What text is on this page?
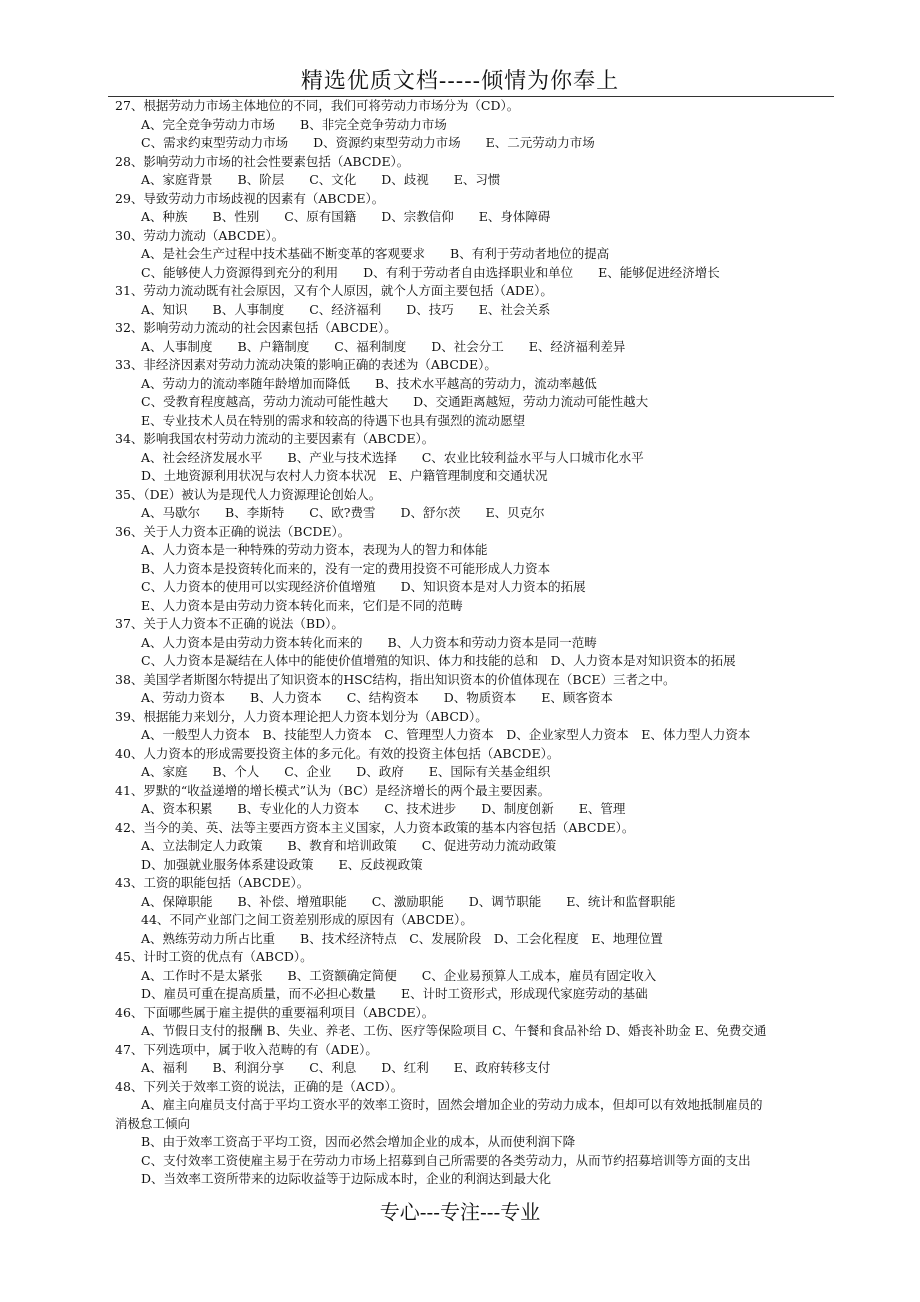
精选优质文档-----倾情为你奉上
27、根据劳动力市场主体地位的不同，我们可将劳动力市场分为（CD）。
A、完全竞争劳动力市场　　B、非完全竞争劳动力市场
C、需求约束型劳动力市场　　D、资源约束型劳动力市场　　E、二元劳动力市场
28、影响劳动力市场的社会性要素包括（ABCDE）。
A、家庭背景　　B、阶层　　C、文化　　D、歧视　　E、习惯
29、导致劳动力市场歧视的因素有（ABCDE）。
A、种族　　B、性别　　C、原有国籍　　D、宗教信仰　　E、身体障碍
30、劳动力流动（ABCDE）。
A、是社会生产过程中技术基础不断变革的客观要求　　B、有利于劳动者地位的提高
C、能够使人力资源得到充分的利用　　D、有利于劳动者自由选择职业和单位　　E、能够促进经济增长
31、劳动力流动既有社会原因，又有个人原因，就个人方面主要包括（ADE）。
A、知识　　B、人事制度　　C、经济福利　　D、技巧　　E、社会关系
32、影响劳动力流动的社会因素包括（ABCDE）。
A、人事制度　　B、户籍制度　　C、福利制度　　D、社会分工　　E、经济福利差异
33、非经济因素对劳动力流动决策的影响正确的表述为（ABCDE）。
A、劳动力的流动率随年龄增加而降低　　B、技术水平越高的劳动力，流动率越低
C、受教育程度越高，劳动力流动可能性越大　　D、交通距离越短，劳动力流动可能性越大
E、专业技术人员在特别的需求和较高的待遇下也具有强烈的流动愿望
34、影响我国农村劳动力流动的主要因素有（ABCDE）。
A、社会经济发展水平　　B、产业与技术选择　　C、农业比较利益水平与人口城市化水平
D、土地资源利用状况与农村人力资本状况　E、户籍管理制度和交通状况
35、（DE）被认为是现代人力资源理论创始人。
A、马歇尔　　B、李斯特　　C、欧?费雪　　D、舒尔茨　　E、贝克尔
36、关于人力资本正确的说法（BCDE）。
A、人力资本是一种特殊的劳动力资本，表现为人的智力和体能
B、人力资本是投资转化而来的，没有一定的费用投资不可能形成人力资本
C、人力资本的使用可以实现经济价值增殖　　D、知识资本是对人力资本的拓展
E、人力资本是由劳动力资本转化而来，它们是不同的范畴
37、关于人力资本不正确的说法（BD）。
A、人力资本是由劳动力资本转化而来的　　B、人力资本和劳动力资本是同一范畴
C、人力资本是凝结在人体中的能使价值增殖的知识、体力和技能的总和　D、人力资本是对知识资本的拓展
38、美国学者斯图尔特提出了知识资本的HSC结构，指出知识资本的价值体现在（BCE）三者之中。
A、劳动力资本　　B、人力资本　　C、结构资本　　D、物质资本　　E、顾客资本
39、根据能力来划分，人力资本理论把人力资本划分为（ABCD）。
A、一般型人力资本　B、技能型人力资本　C、管理型人力资本　D、企业家型人力资本　E、体力型人力资本
40、人力资本的形成需要投资主体的多元化。有效的投资主体包括（ABCDE）。
A、家庭　　B、个人　　C、企业　　D、政府　　E、国际有关基金组织
41、罗默的“收益递增的增长模式”认为（BC）是经济增长的两个最主要因素。
A、资本积累　　B、专业化的人力资本　　C、技术进步　　D、制度创新　　E、管理
42、当今的美、英、法等主要西方资本主义国家，人力资本政策的基本内容包括（ABCDE）。
A、立法制定人力政策　　B、教育和培训政策　　C、促进劳动力流动政策
D、加强就业服务体系建设政策　　E、反歧视政策
43、工资的职能包括（ABCDE）。
A、保障职能　　B、补偿、增殖职能　　C、激励职能　　D、调节职能　　E、统计和监督职能
44、不同产业部门之间工资差别形成的原因有（ABCDE）。
A、熟练劳动力所占比重　　B、技术经济特点　C、发展阶段　D、工会化程度　E、地理位置
45、计时工资的优点有（ABCD）。
A、工作时不是太紧张　　B、工资额确定简便　　C、企业易预算人工成本，雇员有固定收入
D、雇员可重在提高质量，而不必担心数量　　E、计时工资形式，形成现代家庭劳动的基础
46、下面哪些属于雇主提供的重要福利项目（ABCDE）。
A、节假日支付的报酬 B、失业、养老、工伤、医疗等保险项目 C、午餐和食品补给 D、婚丧补助金 E、免费交通
47、下列选项中，属于收入范畴的有（ADE）。
A、福利　　B、利润分享　　C、利息　　D、红利　　E、政府转移支付
48、下列关于效率工资的说法，正确的是（ACD）。
A、雇主向雇员支付高于平均工资水平的效率工资时，固然会增加企业的劳动力成本，但却可以有效地抵制雇员的
消极怠工倾向
B、由于效率工资高于平均工资，因而必然会增加企业的成本，从而使利润下降
C、支付效率工资使雇主易于在劳动力市场上招募到自己所需要的各类劳动力，从而节约招募培训等方面的支出
D、当效率工资所带来的边际收益等于边际成本时，企业的利润达到最大化
专心---专注---专业
